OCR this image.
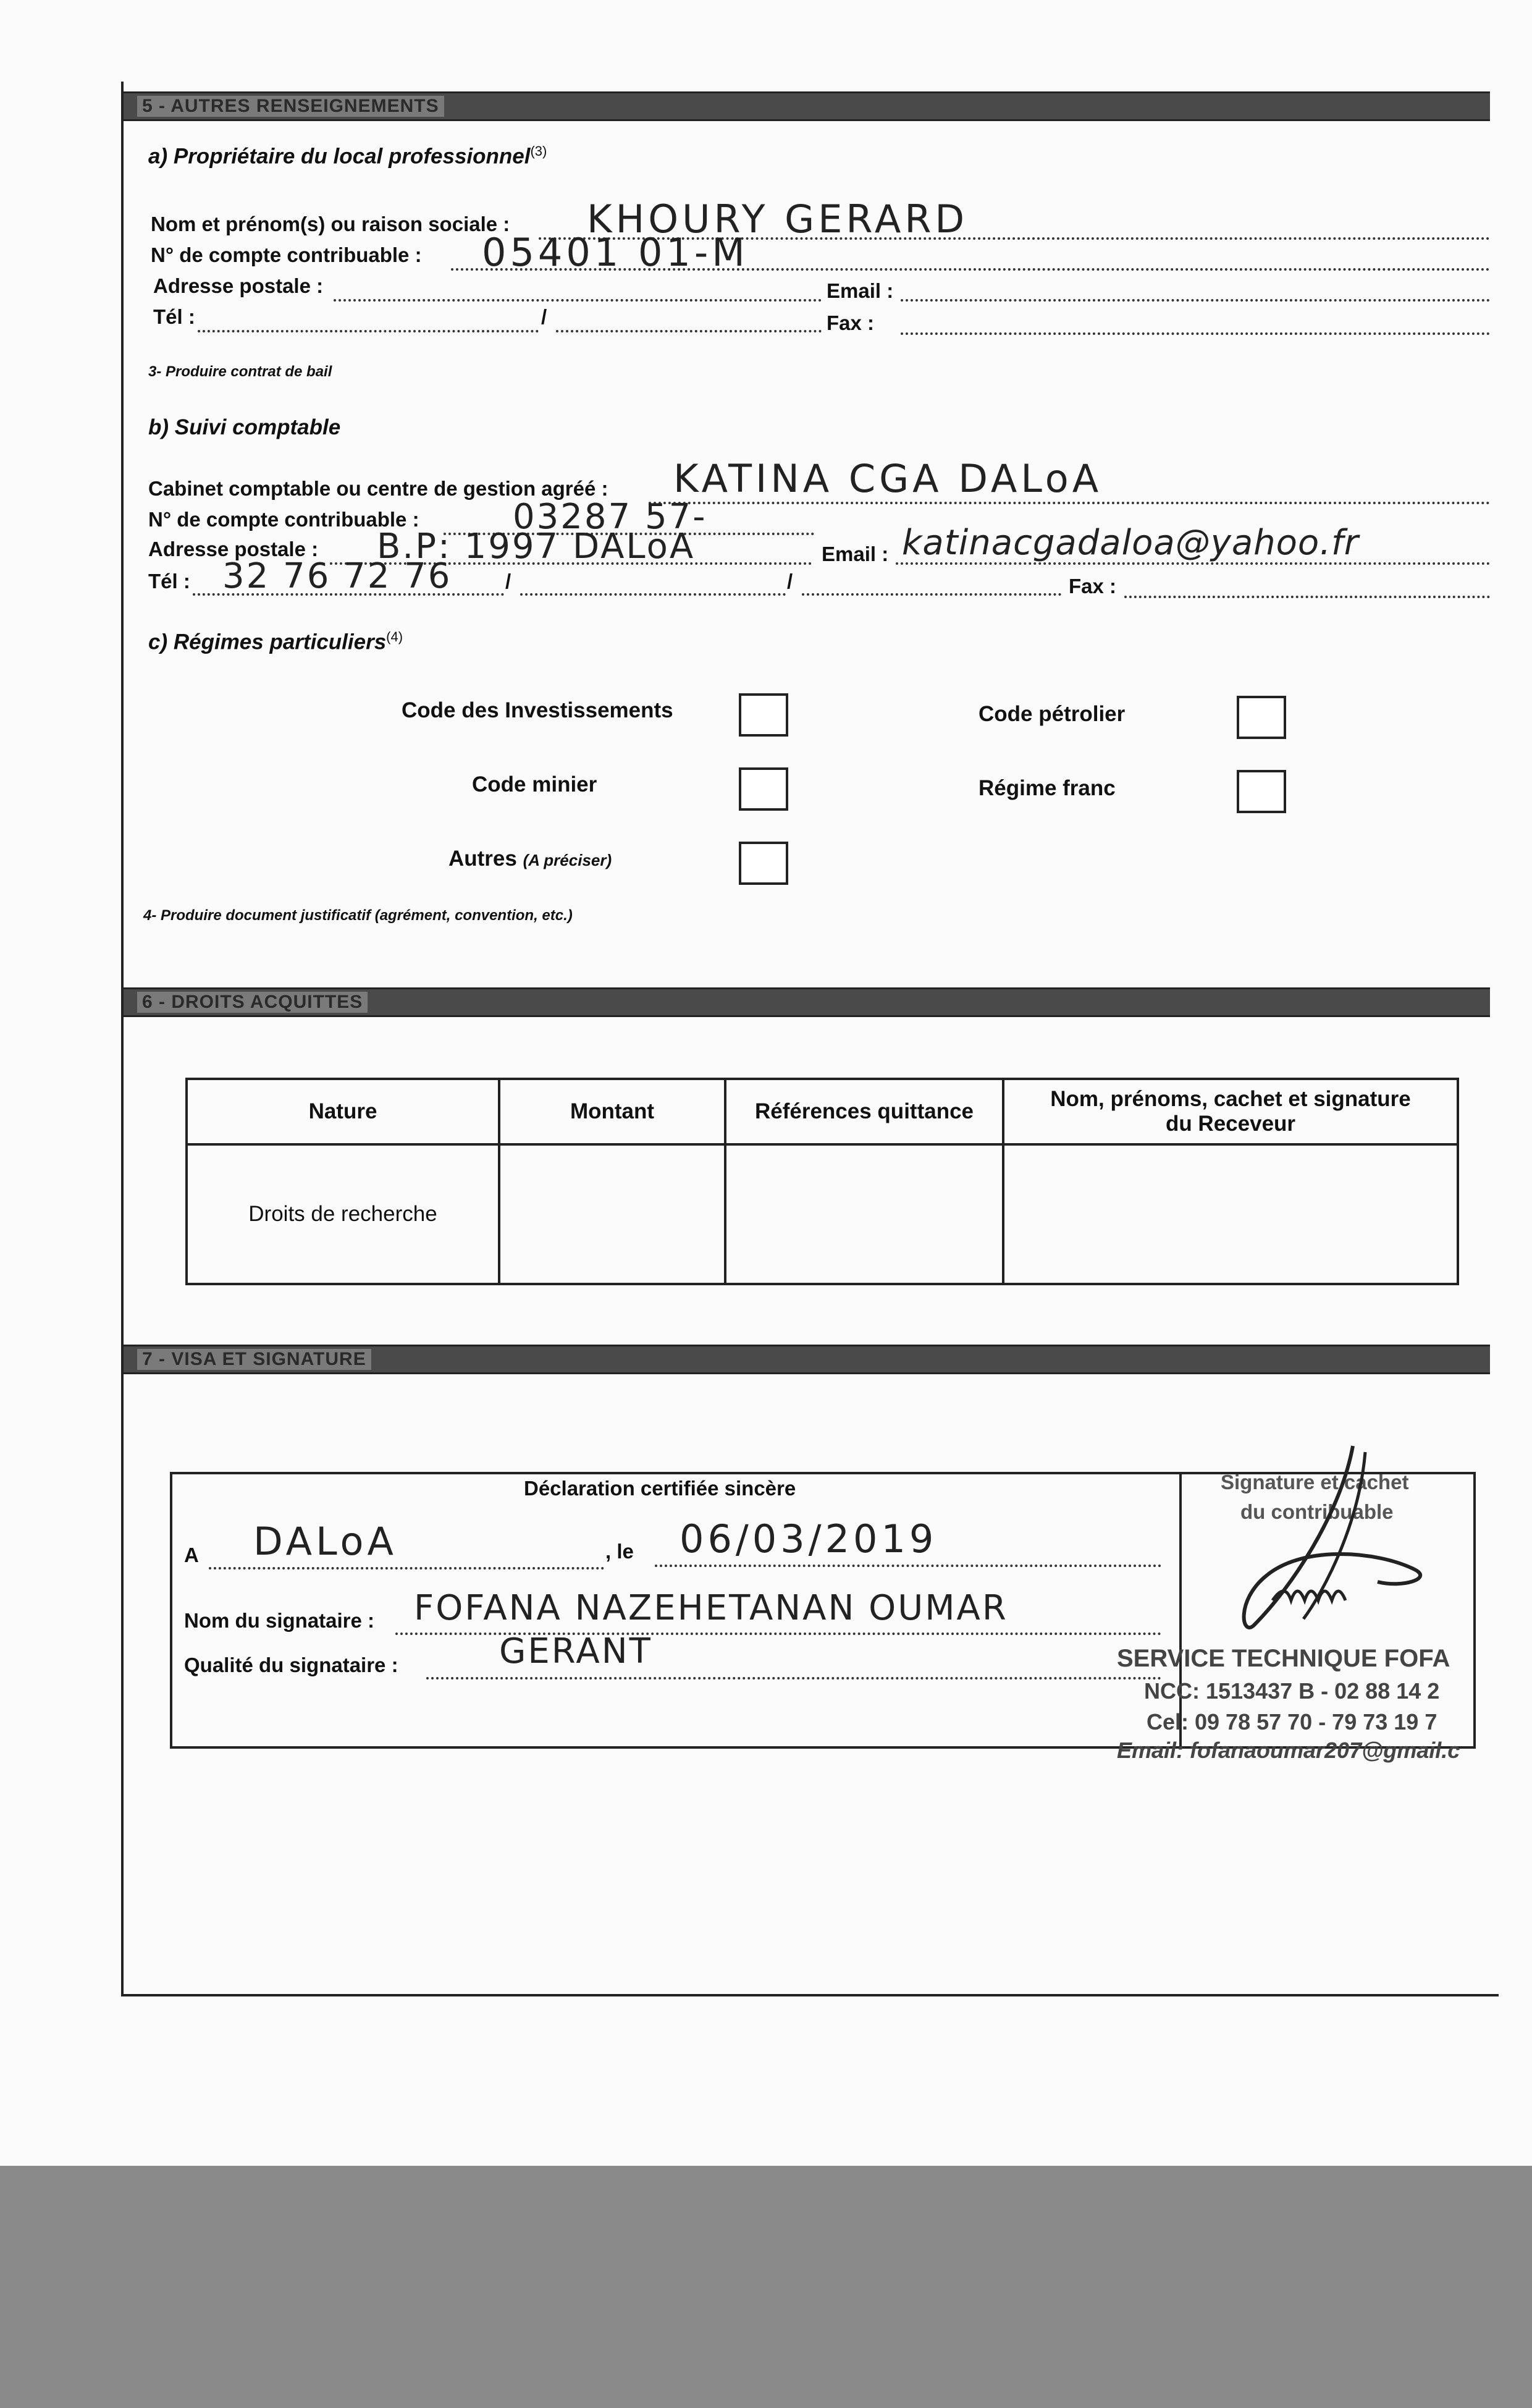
5 - AUTRES RENSEIGNEMENTS
a) Propriétaire du local professionnel$^{(3)}$
Nom et prénom(s) ou raison sociale : KHOURY GERARD
N° de compte contribuable : 05401 01-M
Adresse postale :	Email :
Tél :	/	Fax :
3- Produire contrat de bail
b) Suivi comptable
Cabinet comptable ou centre de gestion agréé : KATINA CGA DALoA
N° de compte contribuable :	03287 57-
Adresse postale : B.P: 1997 DALoA	Email : katinacgadaloa@yahoo.fr
Tél : 32 76 72 76	/	/	Fax :
c) Régimes particuliers$^{(4)}$
Code des Investissements	Code pétrolier
Code minier	Régime franc
Autres (A préciser)
4- Produire document justificatif (agrément, convention, etc.)
6 - DROITS ACQUITTES
Nature	Montant	Références quittance	Nom, prénoms, cachet et signature du Receveur
Droits de recherche			
7 - VISA ET SIGNATURE
Déclaration certifiée sincère
A DALoA	, le 06/03/2019
Nom du signataire : FOFANA NAZEHETANAN OUMAR
Qualité du signataire :	GERANT
Signature et cachet
du contribuable
SERVICE TECHNIQUE FOFA
NCC: 1513437 B - 02 88 14 2
Cel: 09 78 57 70 - 79 73 19 7
Email: fofanaoumar207@gmail.c
